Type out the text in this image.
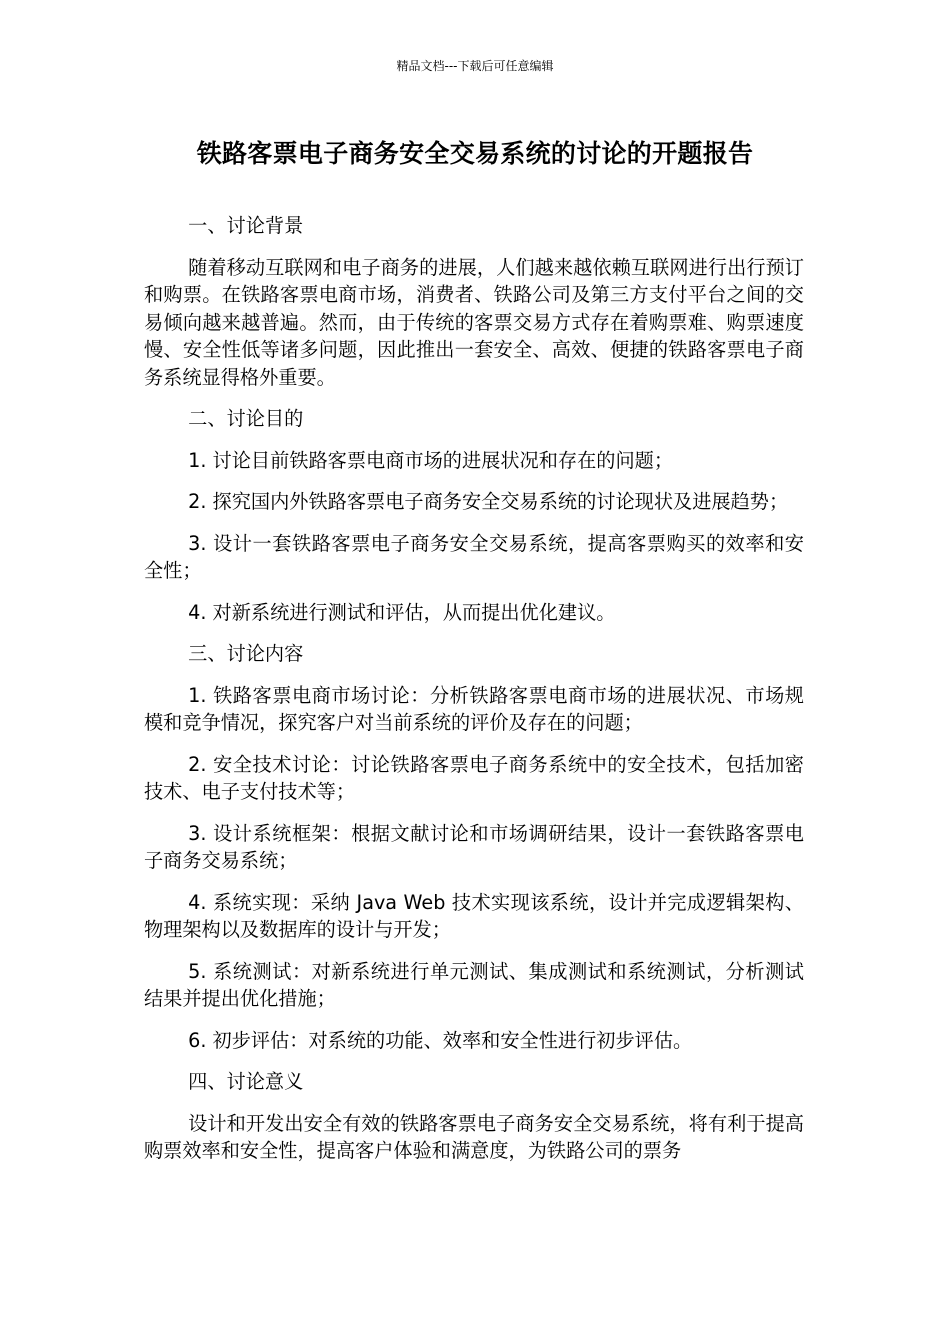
精品文档---下载后可任意编辑
铁路客票电子商务安全交易系统的讨论的开题报告

一、讨论背景

随着移动互联网和电子商务的进展，人们越来越依赖互联网进行出行预订和购票。在铁路客票电商市场，消费者、铁路公司及第三方支付平台之间的交易倾向越来越普遍。然而，由于传统的客票交易方式存在着购票难、购票速度慢、安全性低等诸多问题，因此推出一套安全、高效、便捷的铁路客票电子商务系统显得格外重要。

二、讨论目的

1. 讨论目前铁路客票电商市场的进展状况和存在的问题；

2. 探究国内外铁路客票电子商务安全交易系统的讨论现状及进展趋势；

3. 设计一套铁路客票电子商务安全交易系统，提高客票购买的效率和安全性；

4. 对新系统进行测试和评估，从而提出优化建议。

三、讨论内容

1. 铁路客票电商市场讨论：分析铁路客票电商市场的进展状况、市场规模和竞争情况，探究客户对当前系统的评价及存在的问题；

2. 安全技术讨论：讨论铁路客票电子商务系统中的安全技术，包括加密技术、电子支付技术等；

3. 设计系统框架：根据文献讨论和市场调研结果，设计一套铁路客票电子商务交易系统；

4. 系统实现：采纳 Java Web 技术实现该系统，设计并完成逻辑架构、物理架构以及数据库的设计与开发；

5. 系统测试：对新系统进行单元测试、集成测试和系统测试，分析测试结果并提出优化措施；

6. 初步评估：对系统的功能、效率和安全性进行初步评估。

四、讨论意义

设计和开发出安全有效的铁路客票电子商务安全交易系统，将有利于提高购票效率和安全性，提高客户体验和满意度，为铁路公司的票务
